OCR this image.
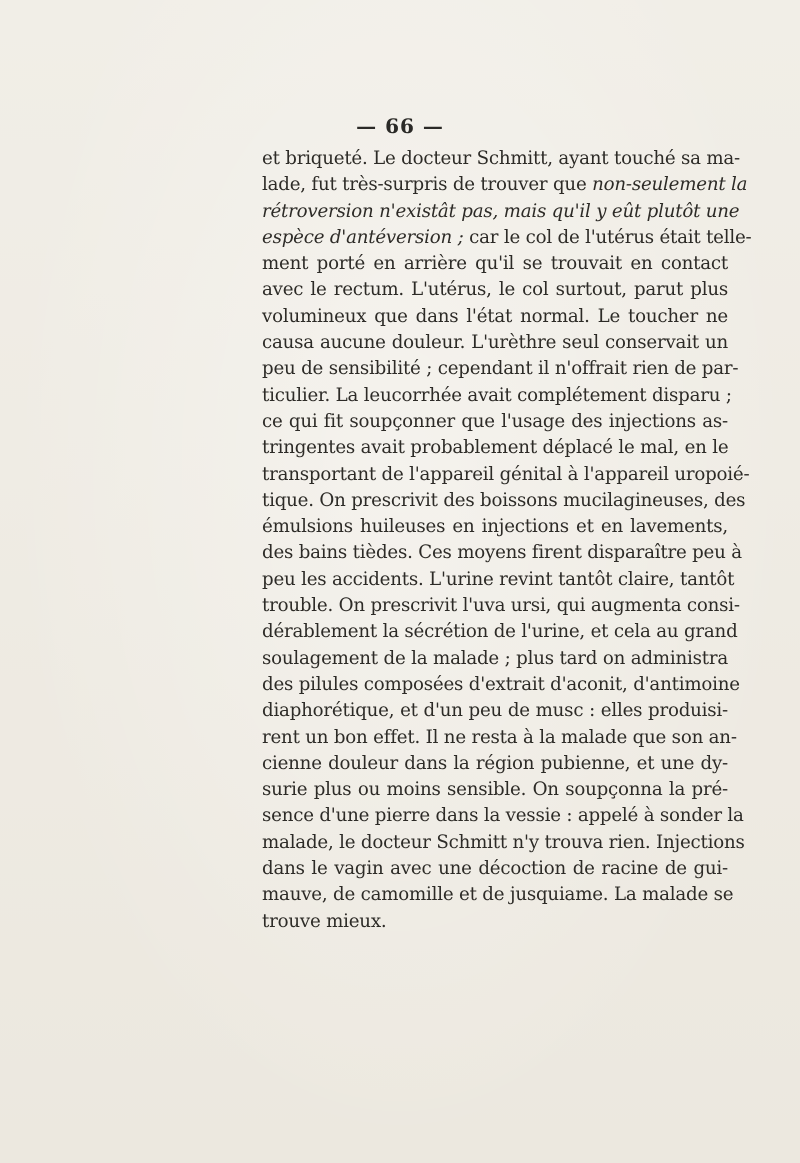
— 66 —
et briqueté. Le docteur Schmitt, ayant touché sa ma-
lade, fut très-surpris de trouver que non-seulement la
rétroversion n'existât pas, mais qu'il y eût plutôt une
espèce d'antéversion ; car le col de l'utérus était telle-
ment porté en arrière qu'il se trouvait en contact
avec le rectum. L'utérus, le col surtout, parut plus
volumineux que dans l'état normal. Le toucher ne
causa aucune douleur. L'urèthre seul conservait un
peu de sensibilité ; cependant il n'offrait rien de par-
ticulier. La leucorrhée avait complétement disparu ;
ce qui fit soupçonner que l'usage des injections as-
tringentes avait probablement déplacé le mal, en le
transportant de l'appareil génital à l'appareil uropoié-
tique. On prescrivit des boissons mucilagineuses, des
émulsions huileuses en injections et en lavements,
des bains tièdes. Ces moyens firent disparaître peu à
peu les accidents. L'urine revint tantôt claire, tantôt
trouble. On prescrivit l'uva ursi, qui augmenta consi-
dérablement la sécrétion de l'urine, et cela au grand
soulagement de la malade ; plus tard on administra
des pilules composées d'extrait d'aconit, d'antimoine
diaphorétique, et d'un peu de musc : elles produisi-
rent un bon effet. Il ne resta à la malade que son an-
cienne douleur dans la région pubienne, et une dy-
surie plus ou moins sensible. On soupçonna la pré-
sence d'une pierre dans la vessie : appelé à sonder la
malade, le docteur Schmitt n'y trouva rien. Injections
dans le vagin avec une décoction de racine de gui-
mauve, de camomille et de jusquiame. La malade se
trouve mieux.
